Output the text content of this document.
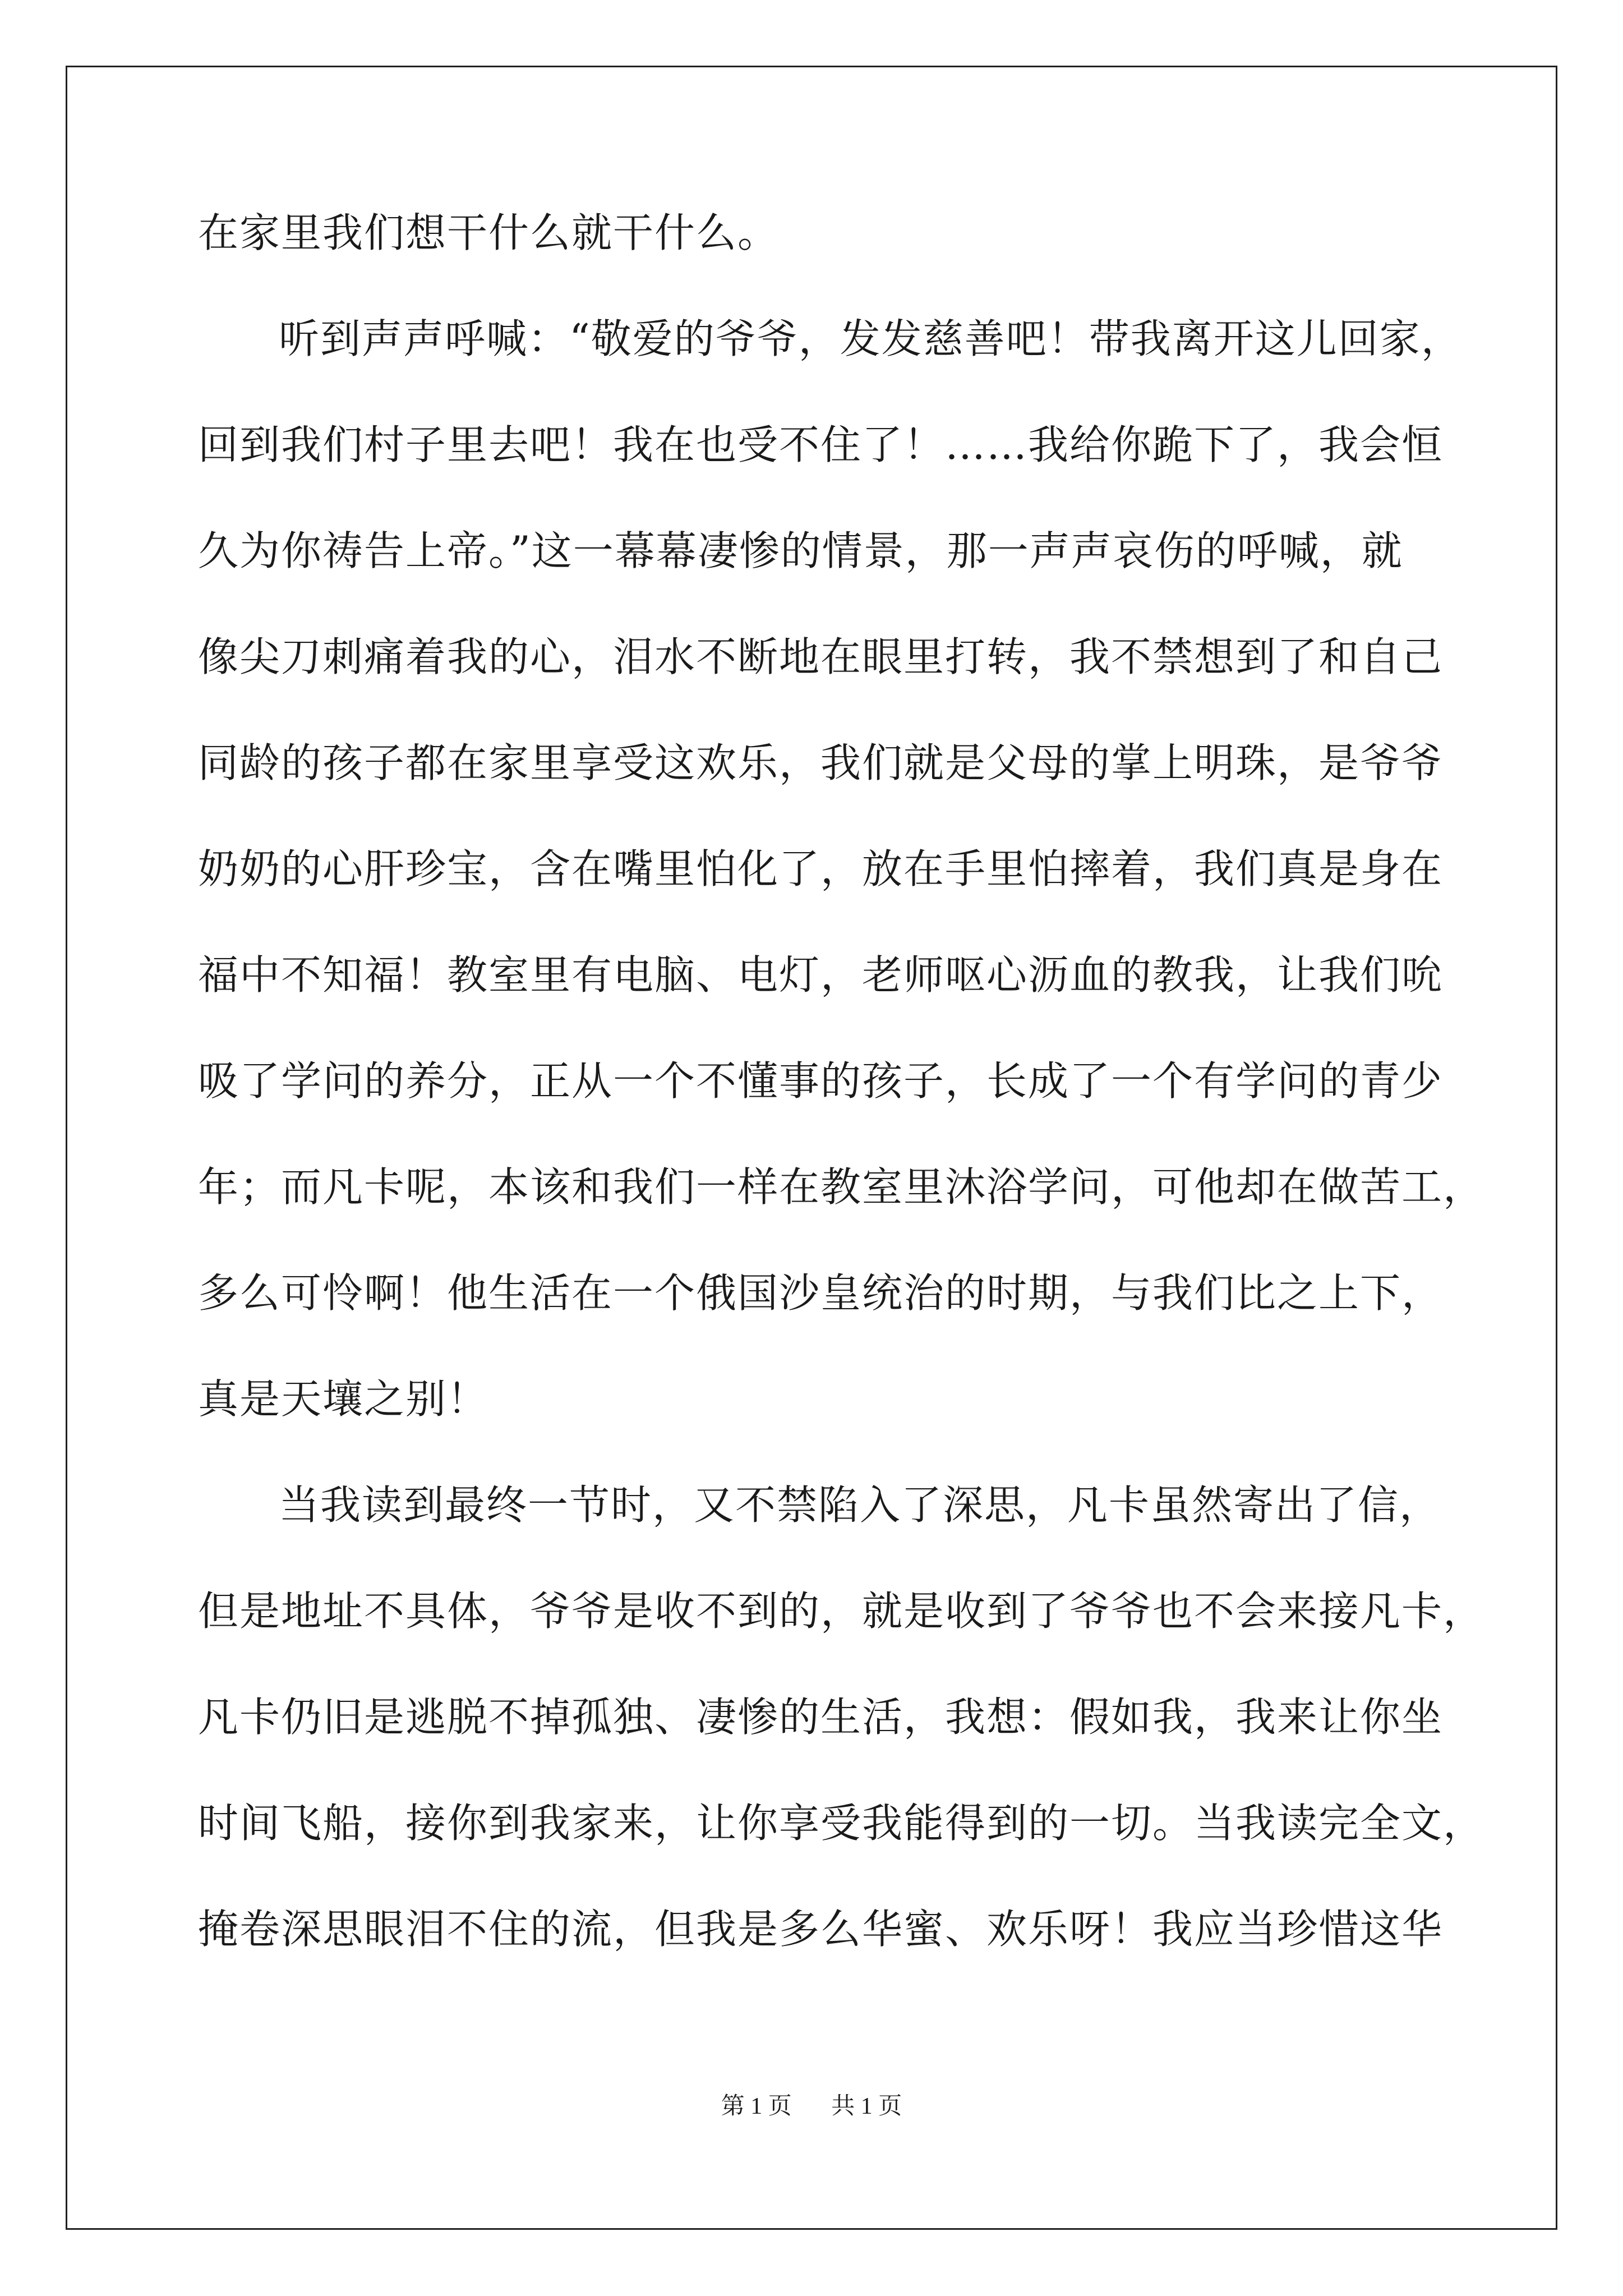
在家里我们想干什么就干什么。
听到声声呼喊：“敬爱的爷爷，发发慈善吧！带我离开这儿回家，
回到我们村子里去吧！我在也受不住了！……我给你跪下了，我会恒
久为你祷告上帝。”这一幕幕凄惨的情景，那一声声哀伤的呼喊，就
像尖刀刺痛着我的心，泪水不断地在眼里打转，我不禁想到了和自己
同龄的孩子都在家里享受这欢乐，我们就是父母的掌上明珠，是爷爷
奶奶的心肝珍宝，含在嘴里怕化了，放在手里怕摔着，我们真是身在
福中不知福！教室里有电脑、电灯，老师呕心沥血的教我，让我们吮
吸了学问的养分，正从一个不懂事的孩子，长成了一个有学问的青少
年；而凡卡呢，本该和我们一样在教室里沐浴学问，可他却在做苦工，
多么可怜啊！他生活在一个俄国沙皇统治的时期，与我们比之上下，
真是天壤之别！
当我读到最终一节时，又不禁陷入了深思，凡卡虽然寄出了信，
但是地址不具体，爷爷是收不到的，就是收到了爷爷也不会来接凡卡，
凡卡仍旧是逃脱不掉孤独、凄惨的生活，我想：假如我，我来让你坐
时间飞船，接你到我家来，让你享受我能得到的一切。当我读完全文，
掩卷深思眼泪不住的流，但我是多么华蜜、欢乐呀！我应当珍惜这华
第 1 页 共 1 页
